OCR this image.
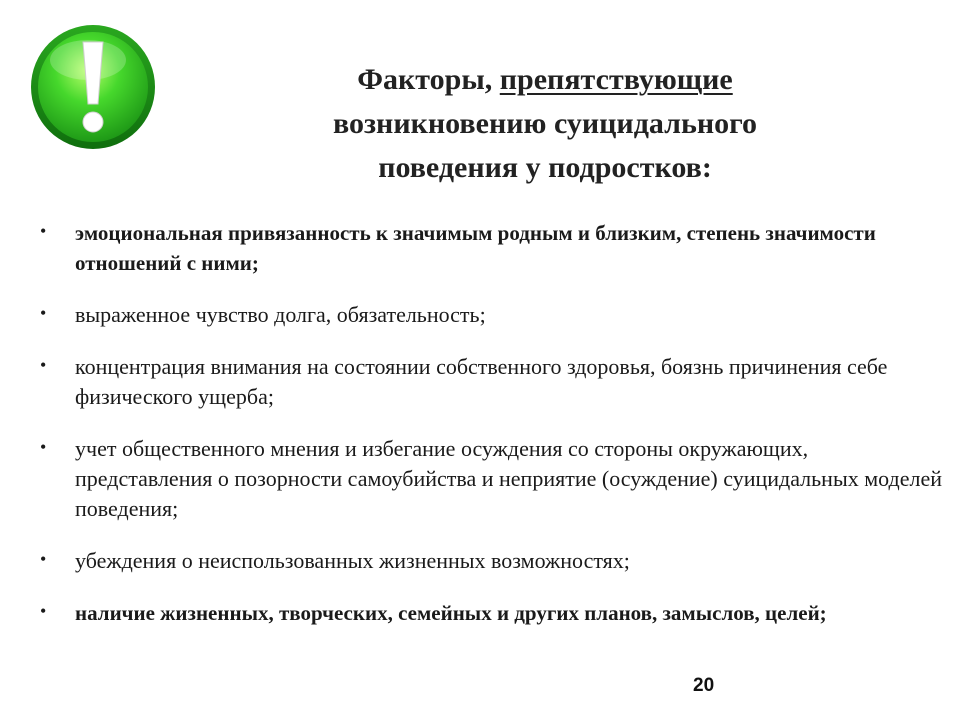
Факторы, препятствующие
возникновению суицидального
поведения у подростков:
• эмоциональная привязанность к значимым родным и близким, степень значимости отношений с ними;
• выраженное чувство долга, обязательность;
• концентрация внимания на состоянии собственного здоровья, боязнь причинения себе физического ущерба;
• учет общественного мнения и избегание осуждения со стороны окружающих, представления о позорности самоубийства и неприятие (осуждение) суицидальных моделей поведения;
• убеждения о неиспользованных жизненных возможностях;
• наличие жизненных, творческих, семейных и других планов, замыслов, целей;
20
